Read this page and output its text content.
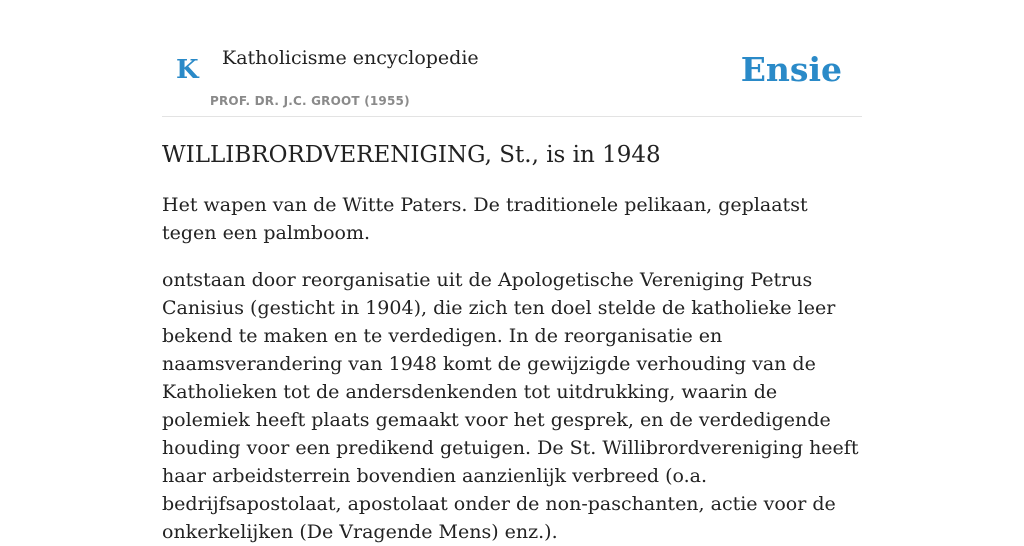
K Katholicisme encyclopedie
PROF. DR. J.C. GROOT (1955)
Ensie
WILLIBRORDVERENIGING, St., is in 1948

Het wapen van de Witte Paters. De traditionele pelikaan, geplaatst tegen een palmboom.

ontstaan door reorganisatie uit de Apologetische Vereniging Petrus Canisius (gesticht in 1904), die zich ten doel stelde de katholieke leer bekend te maken en te verdedigen. In de reorganisatie en naamsverandering van 1948 komt de gewijzigde verhouding van de Katholieken tot de andersdenkenden tot uitdrukking, waarin de polemiek heeft plaats gemaakt voor het gesprek, en de verdedigende houding voor een predikend getuigen. De St. Willibrordvereniging heeft haar arbeidsterrein bovendien aanzienlijk verbreed (o.a. bedrijfsapostolaat, apostolaat onder de non-paschanten, actie voor de onkerkelijken (De Vragende Mens) enz.).
